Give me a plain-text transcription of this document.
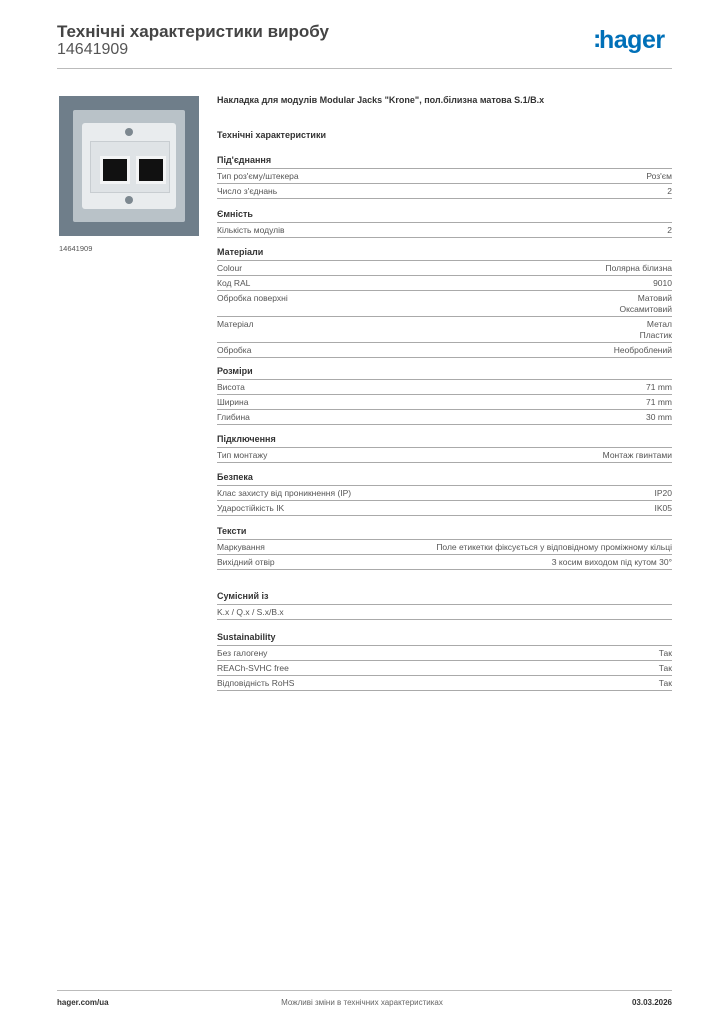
Технічні характеристики виробу
14641909	:hager
14641909
Накладка для модулів Modular Jacks "Krone", пол.білизна матова S.1/B.x
Технічні характеристики
Під'єднання
Тип роз'єму/штекера	Роз'єм
Число з'єднань	2
Ємність
Кількість модулів	2
Матеріали
Colour	Полярна білизна
Код RAL	9010
Обробка поверхні	Матовий
Оксамитовий
Матеріал	Метал
Пластик
Обробка	Необроблений
Розміри
Висота	71 mm
Ширина	71 mm
Глибина	30 mm
Підключення
Тип монтажу	Монтаж гвинтами
Безпека
Клас захисту від проникнення (IP)	IP20
Ударостійкість IK	IK05
Тексти
Маркування	Поле етикетки фіксується у відповідному проміжному кільці
Вихідний отвір	З косим виходом під кутом 30°
Сумісний із
K.x / Q.x / S.x/B.x
Sustainability
Без галогену	Так
REACh-SVHC free	Так
Відповідність RoHS	Так
hager.com/ua	Можливі зміни в технічних характеристиках	03.03.2026
